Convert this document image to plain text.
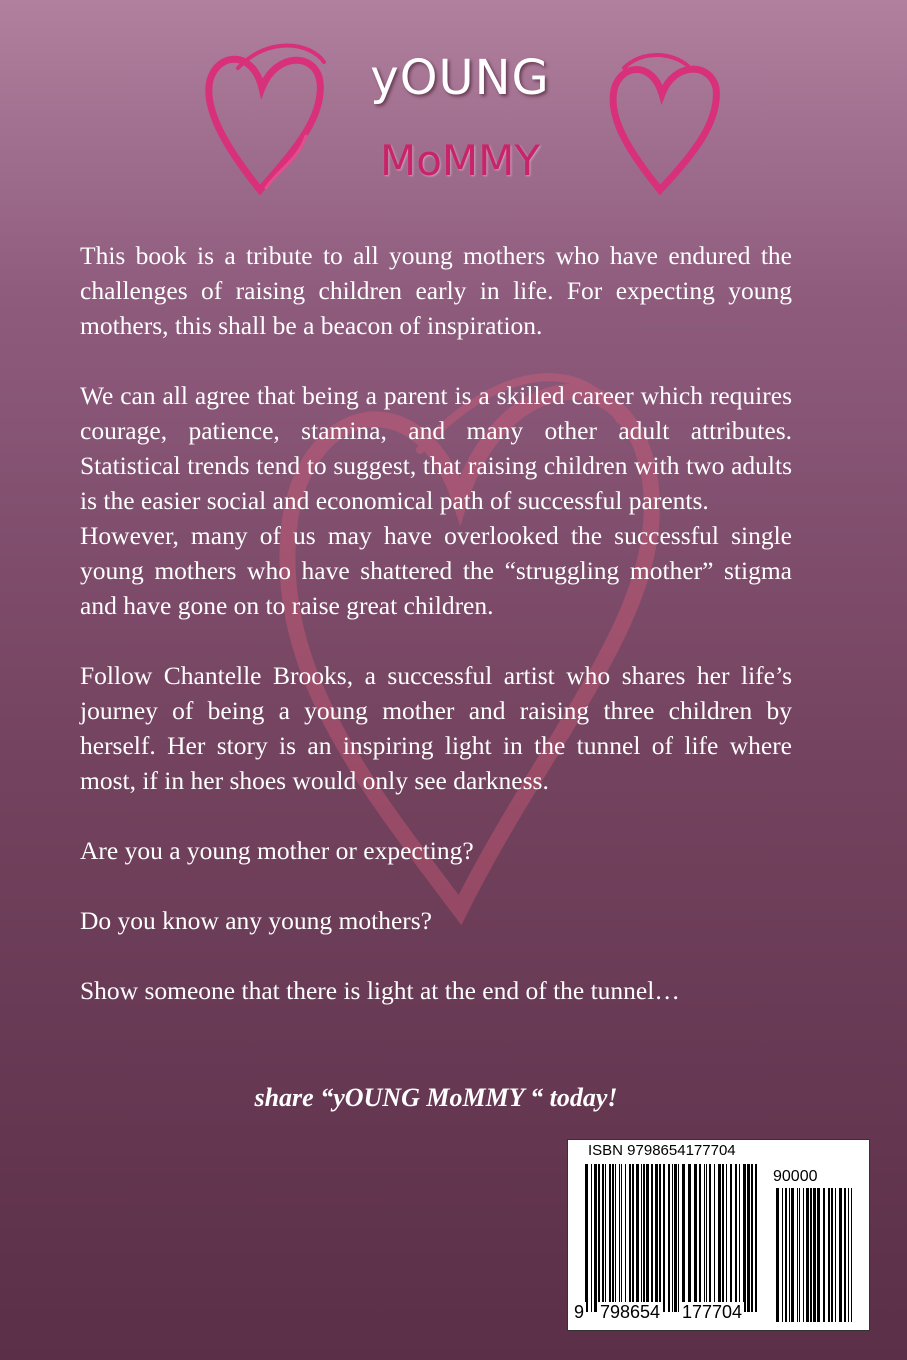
yOUNG
MoMMY

This book is a tribute to all young mothers who have endured the challenges of raising children early in life. For expecting young mothers, this shall be a beacon of inspiration.

We can all agree that being a parent is a skilled career which requires courage, patience, stamina, and many other adult attributes. Statistical trends tend to suggest, that raising children with two adults is the easier social and economical path of successful parents.

However, many of us may have overlooked the successful single young mothers who have shattered the “struggling mother” stigma and have gone on to raise great children.

Follow Chantelle Brooks, a successful artist who shares her life’s journey of being a young mother and raising three children by herself. Her story is an inspiring light in the tunnel of life where most, if in her shoes would only see darkness.

Are you a young mother or expecting?

Do you know any young mothers?

Show someone that there is light at the end of the tunnel…

share “yOUNG MoMMY “ today!
ISBN 9798654177704
90000
9 798654 177704
